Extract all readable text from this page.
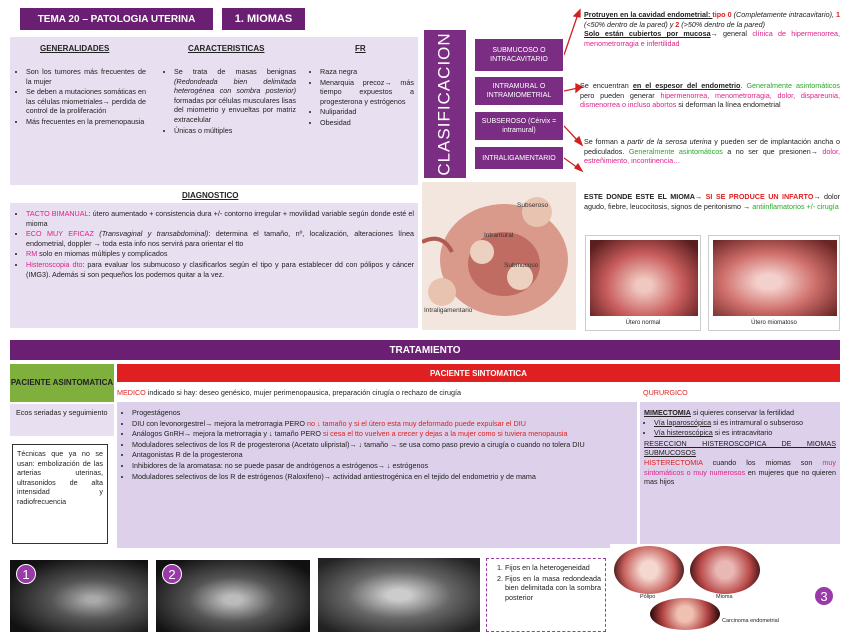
TEMA 20 – PATOLOGIA UTERINA	1. MIOMAS
GENERALIDADES	CARACTERISTICAS	FR
• Son los tumores más frecuentes de la mujer
• Se deben a mutaciones somáticas en las células miometriales→ perdida de control de la proliferación
• Más frecuentes en la premenopausia
• Se trata de masas benignas (Redondeada bien delimitada heterogénea con sombra posterior) formadas por células musculares lisas del miometrio y envueltas por matriz extracelular
• Únicas o múltiples
• Raza negra
• Menarquia precoz→ más tiempo expuestos a progesterona y estrógenos
• Nuliparidad
• Obesidad
DIAGNOSTICO
• TACTO BIMANUAL: útero aumentado + consistencia dura +/- contorno irregular + movilidad variable según donde esté el mioma
• ECO MUY EFICAZ (Transvaginal y transabdominal): determina el tamaño, nº, localización, alteraciones línea endometrial, doppler → toda esta info nos servirá para orientar el tto
• RM solo en miomas múltiples y complicados
• Histeroscopia dto: para evaluar los submucoso y clasificarlos según el tipo y para establecer dd con pólipos y cáncer (IMG3). Además si son pequeños los podemos quitar a la vez.
CLASIFICACION	SUBMUCOSO O INTRACAVITARIO
INTRAMURAL O INTRAMIOMETRIAL
SUBSEROSO (Cérvix = intramural)
INTRALIGAMENTARIO
Protruyen en la cavidad endometrial: tipo 0 (Completamente intracavitario), 1 (<50% dentro de la pared) y 2 (>50% dentro de la pared)
Solo están cubiertos por mucosa→ general clínica de hipermenorrea, menometrorragia e infertilidad
Se encuentran en el espesor del endometrio. Generalmente asintomáticos pero pueden generar hipermenorrea, menometrorragia, dolor, dispareunia, dismenorrea o incluso abortos si deforman la línea endometrial
Se forman a partir de la serosa uterina y pueden ser de implantación ancha o pediculados. Generalmente asintomáticos a no ser que presionen→ dolor, estreñimiento, incontinencia…
ESTE DONDE ESTE EL MIOMA→ SI SE PRODUCE UN INFARTO→ dolor agudo, fiebre, leucocitosis, signos de peritonismo → antiinflamatorios +/- cirugía
Subseroso
Intramural
Submucoso
Intraligamentario
Útero normal	Útero miomatoso
TRATAMIENTO
PACIENTE ASINTOMATICA
PACIENTE SINTOMATICA
MEDICO indicado si hay: deseo genésico, mujer perimenopausica, preparación cirugía o rechazo de cirugía
Ecos seriadas y seguimiento
Técnicas que ya no se usan: embolización de las arterias uterinas, ultrasonidos de alta intensidad y radiofrecuencia
• Progestágenos
• DIU con levonorgestrel→ mejora la metrorragia PERO no ↓ tamaño y si el útero esta muy deformado puede expulsar el DIU
• Análogos GnRH→ mejora la metrorragia y ↓ tamaño PERO si cesa el tto vuelven a crecer y dejas a la mujer como si tuviera menopausia
• Moduladores selectivos de los R de progesterona (Acetato ulipristal)→ ↓ tamaño → se usa como paso previo a cirugía o cuando no tolera DIU
• Antagonistas R de la progesterona
• Inhibidores de la aromatasa: no se puede pasar de andrógenos a estrógenos→ ↓ estrógenos
• Moduladores selectivos de los R de estrógenos (Raloxifeno)→ actividad antiestrogénica en el tejido del endometrio y de mama
QURURGICO
MIMECTOMIA si quieres conservar la fertilidad
• Vía laparoscópica si es intramural o subseroso
• Vía histeroscópica si es intracavitario
RESECCION HISTEROSCOPICA DE MIOMAS SUBMUCOSOS
HISTERECTOMIA cuando los miomas son muy sintomáticos o muy numerosos en mujeres que no quieren mas hijos
1	2
1.	Fijos en la heterogeneidad
2. Fijos en la masa redondeada bien delimitada con la sombra posterior	Pólipo	Mioma
Carcinoma endometrial
3
